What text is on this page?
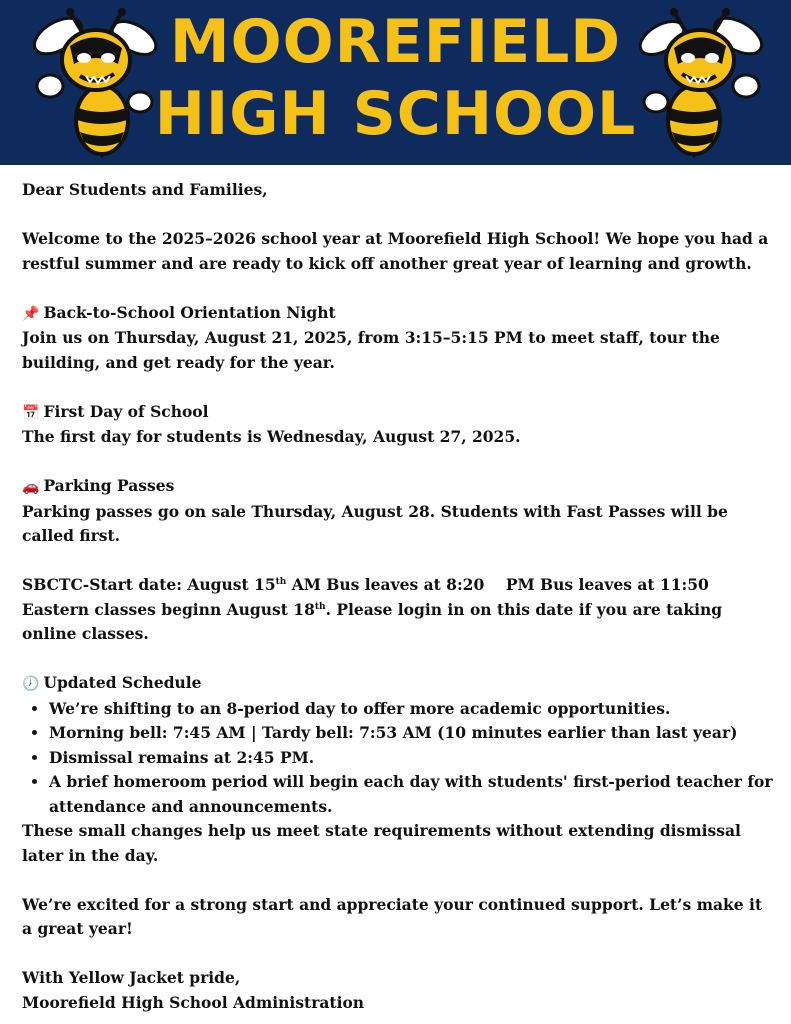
MOOREFIELD
HIGH SCHOOL

Dear Students and Families,

Welcome to the 2025–2026 school year at Moorefield High School! We hope you had a restful summer and are ready to kick off another great year of learning and growth.

📌 Back-to-School Orientation Night

Join us on Thursday, August 21, 2025, from 3:15–5:15 PM to meet staff, tour the building, and get ready for the year.

📅 First Day of School

The first day for students is Wednesday, August 27, 2025.

🚗 Parking Passes

Parking passes go on sale Thursday, August 28. Students with Fast Passes will be called first.

SBCTC-Start date: August 15th AM Bus leaves at 8:20    PM Bus leaves at 11:50

Eastern classes beginn August 18th. Please login in on this date if you are taking online classes.

🕖 Updated Schedule

• We’re shifting to an 8-period day to offer more academic opportunities.
• Morning bell: 7:45 AM | Tardy bell: 7:53 AM (10 minutes earlier than last year)
• Dismissal remains at 2:45 PM.
• A brief homeroom period will begin each day with students' first-period teacher for attendance and announcements.

These small changes help us meet state requirements without extending dismissal later in the day.

We’re excited for a strong start and appreciate your continued support. Let’s make it a great year!

With Yellow Jacket pride,

Moorefield High School Administration
